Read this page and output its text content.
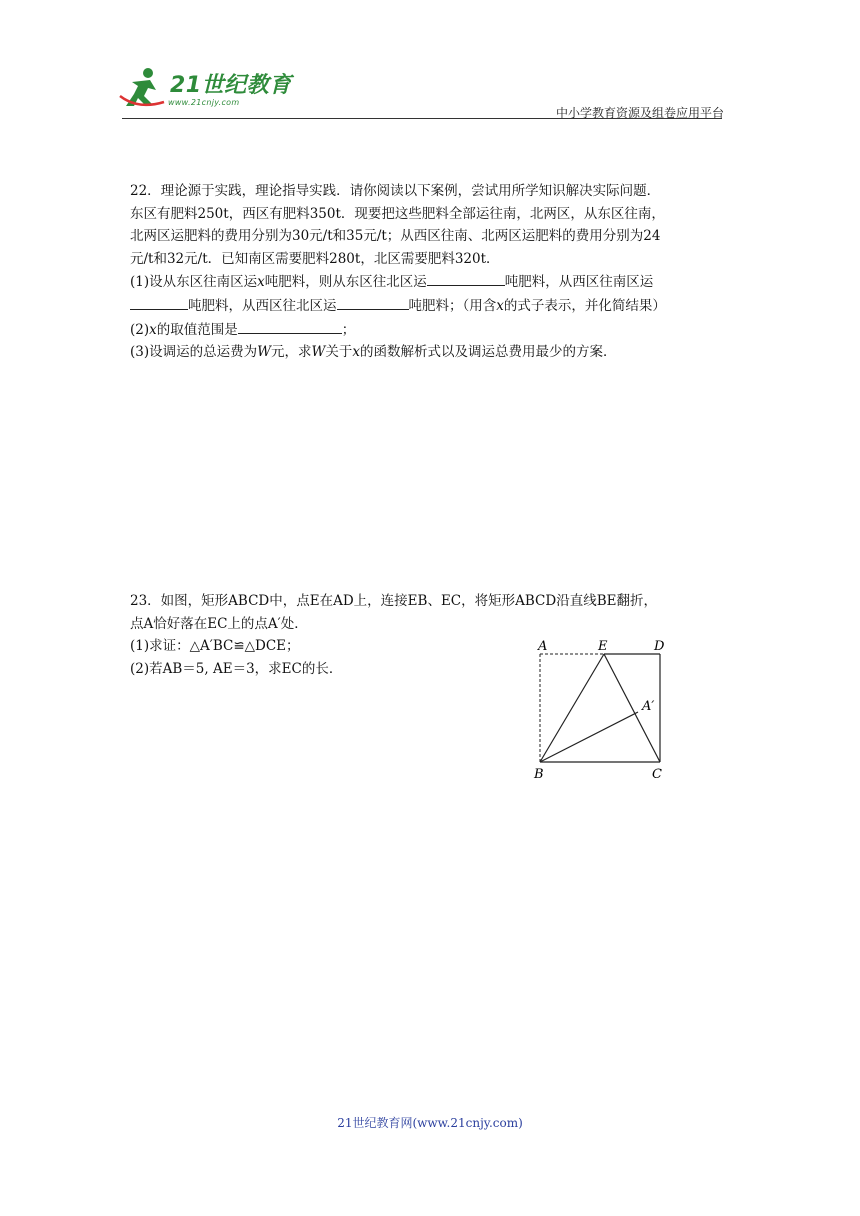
21世纪教育
www.21cnjy.com
中小学教育资源及组卷应用平台

22．理论源于实践，理论指导实践．请你阅读以下案例，尝试用所学知识解决实际问题．

东区有肥料250t，西区有肥料350t．现要把这些肥料全部运往南，北两区，从东区往南，

北两区运肥料的费用分别为30元/t和35元/t；从西区往南、北两区运肥料的费用分别为24

元/t和32元/t．已知南区需要肥料280t，北区需要肥料320t．

(1)设从东区往南区运x吨肥料，则从东区往北区运	吨肥料，从西区往南区运

吨肥料，从西区往北区运	吨肥料；（用含x的式子表示，并化简结果）

(2)x的取值范围是	；

(3)设调运的总运费为W元，求W关于x的函数解析式以及调运总费用最少的方案．

23．如图，矩形ABCD中，点E在AD上，连接EB、EC，将矩形ABCD沿直线BE翻折，

点A恰好落在EC上的点A′处．

(1)求证：△A′BC≌△DCE；

(2)若AB＝5, AE＝3，求EC的长．

A	E	D
A′
B	C
21世纪教育网(www.21cnjy.com)
